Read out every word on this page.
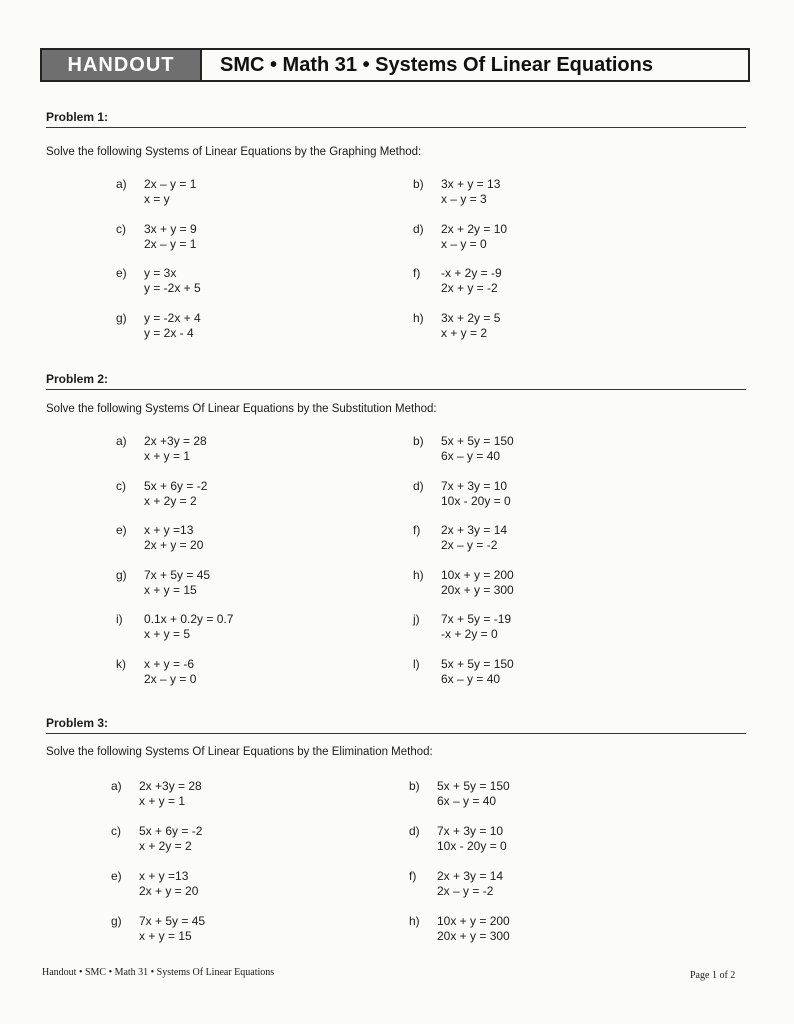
HANDOUT	SMC • Math 31 • Systems Of Linear Equations
Problem 1:
Solve the following Systems of Linear Equations by the Graphing Method:
a)	2x – y = 1
x = y
b)	3x + y = 13
x – y = 3
c)	3x + y = 9
2x – y = 1
d)	2x + 2y = 10
x – y = 0
e)	y = 3x
y = -2x + 5
f)	-x + 2y = -9
2x + y = -2
g)	y = -2x + 4
y = 2x - 4
h)	3x + 2y = 5
x + y = 2
Problem 2:
Solve the following Systems Of Linear Equations by the Substitution Method:
a)	2x +3y = 28
x + y = 1
b)	5x + 5y = 150
6x – y = 40
c)	5x + 6y = -2
x + 2y = 2
d)	7x + 3y = 10
10x - 20y = 0
e)	x + y =13
2x + y = 20
f)	2x + 3y = 14
2x – y = -2
g)	7x + 5y = 45
x + y = 15
h)	10x + y = 200
20x + y = 300
i)	0.1x + 0.2y = 0.7
x + y = 5
j)	7x + 5y = -19
-x + 2y = 0
k)	x + y = -6
2x – y = 0
l)	5x + 5y = 150
6x – y = 40
Problem 3:
Solve the following Systems Of Linear Equations by the Elimination Method:
a)	2x +3y = 28
x + y = 1
b)	5x + 5y = 150
6x – y = 40
c)	5x + 6y = -2
x + 2y = 2
d)	7x + 3y = 10
10x - 20y = 0
e)	x + y =13
2x + y = 20
f)	2x + 3y = 14
2x – y = -2
g)	7x + 5y = 45
x + y = 15
h)	10x + y = 200
20x + y = 300
Handout • SMC • Math 31 • Systems Of Linear Equations	Page 1 of 2
